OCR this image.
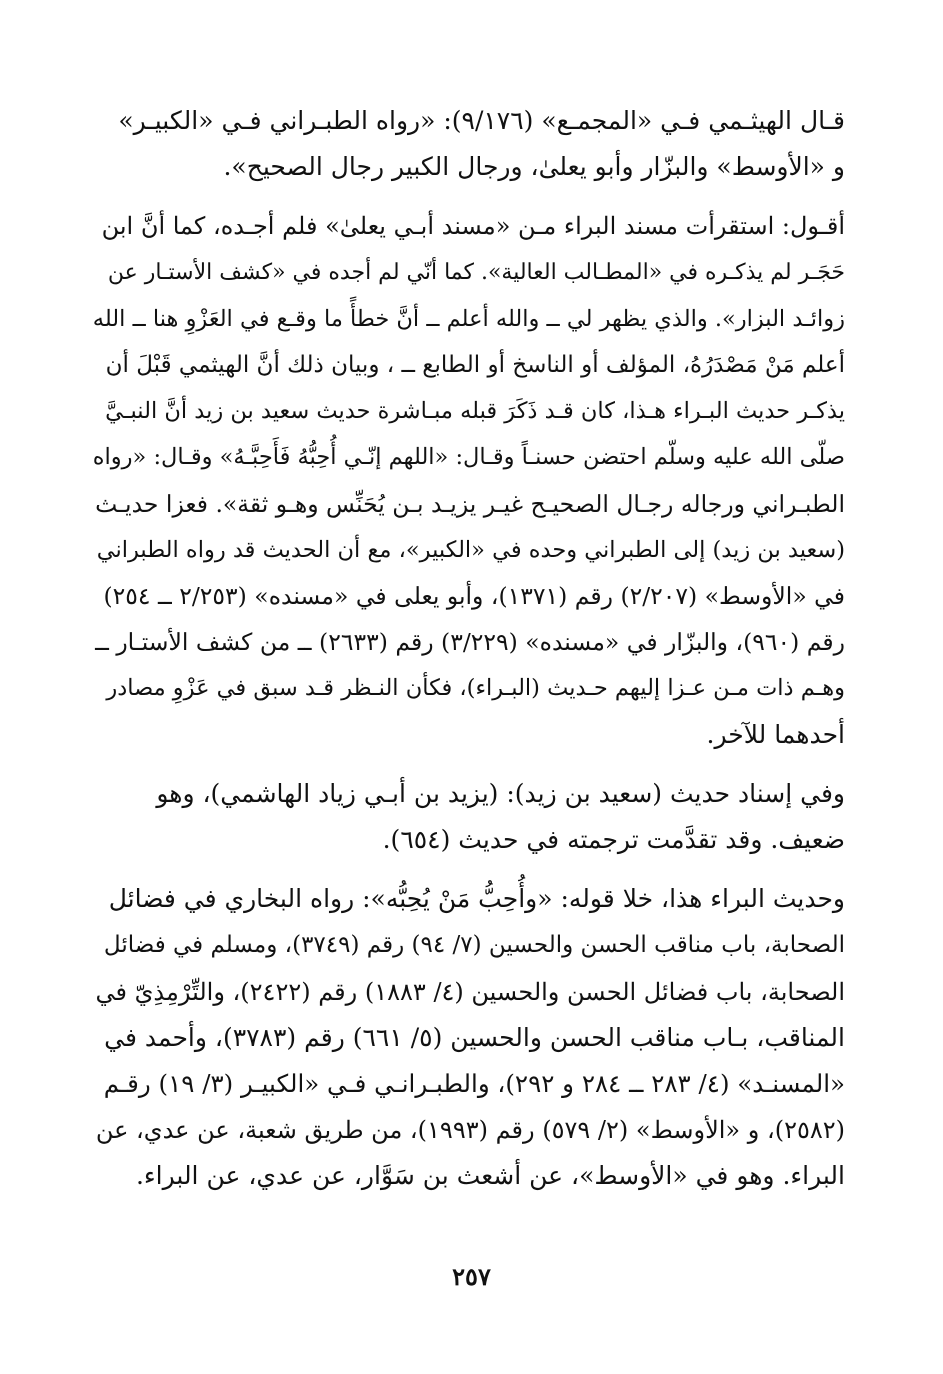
قـال الهيثـمي فـي «المجمـع» (٩/١٧٦): «رواه الطبـراني فـي «الكبيـر»
و «الأوسط» والبزّار وأبو يعلىٰ، ورجال الكبير رجال الصحيح».

أقـول: استقرأت مسند البراء مـن «مسند أبـي يعلىٰ» فلم أجـده، كما أنَّ ابن
حَجَـر لم يذكـره في «المطـالب العالية». كما أنّي لم أجده في «كشف الأستـار عن
زوائـد البزار». والذي يظهر لي ــ والله أعلم ــ أنَّ خطأً ما وقـع في العَزْوِ هنا ــ الله
أعلم مَنْ مَصْدَرُهُ، المؤلف أو الناسخ أو الطابع ــ ، وبيان ذلك أنَّ الهيثمي قَبْلَ أن
يذكـر حديث البـراء هـذا، كان قـد ذَكَرَ قبله مبـاشرة حديث سعيد بن زيد أنَّ النبـيَّ
صلّى الله عليه وسلّم احتضن حسنـاً وقـال: «اللهم إنّـي أُحِبُّهُ فَأَحِبَّـهُ» وقـال: «رواه
الطبـراني ورجاله رجـال الصحيـح غيـر يزيـد بـن يُحَنِّس وهـو ثقة». فعزا حديـث
(سعيد بن زيد) إلى الطبراني وحده في «الكبير»، مع أن الحديث قد رواه الطبراني
في «الأوسط» (٢/٢٠٧) رقم (١٣٧١)، وأبو يعلى في «مسنده» (٢/٢٥٣ ــ ٢٥٤)
رقم (٩٦٠)، والبزّار في «مسنده» (٣/٢٢٩) رقم (٢٦٣٣) ــ من كشف الأستـار ــ
وهـم ذات مـن عـزا إليهم حـديث (البـراء)، فكأن النـظر قـد سبق في عَزْوِ مصادر
أحدهما للآخر.

وفي إسناد حديث (سعيد بن زيد): (يزيد بن أبـي زياد الهاشمي)، وهو
ضعيف. وقد تقدَّمت ترجمته في حديث (٦٥٤).

وحديث البراء هذا، خلا قوله: «وأُحِبُّ مَنْ يُحِبُّه»: رواه البخاري في فضائل
الصحابة، باب مناقب الحسن والحسين (٧/ ٩٤) رقم (٣٧٤٩)، ومسلم في فضائل
الصحابة، باب فضائل الحسن والحسين (٤/ ١٨٨٣) رقم (٢٤٢٢)، والتِّرْمِذِيّ في
المناقب، بـاب مناقب الحسن والحسين (٥/ ٦٦١) رقم (٣٧٨٣)، وأحمد في
«المسنـد» (٤/ ٢٨٣ ــ ٢٨٤ و ٢٩٢)، والطبـرانـي فـي «الكبيـر (٣/ ١٩) رقـم
(٢٥٨٢)، و «الأوسط» (٢/ ٥٧٩) رقم (١٩٩٣)، من طريق شعبة، عن عدي، عن
البراء. وهو في «الأوسط»، عن أشعث بن سَوَّار، عن عدي، عن البراء.

٢٥٧
